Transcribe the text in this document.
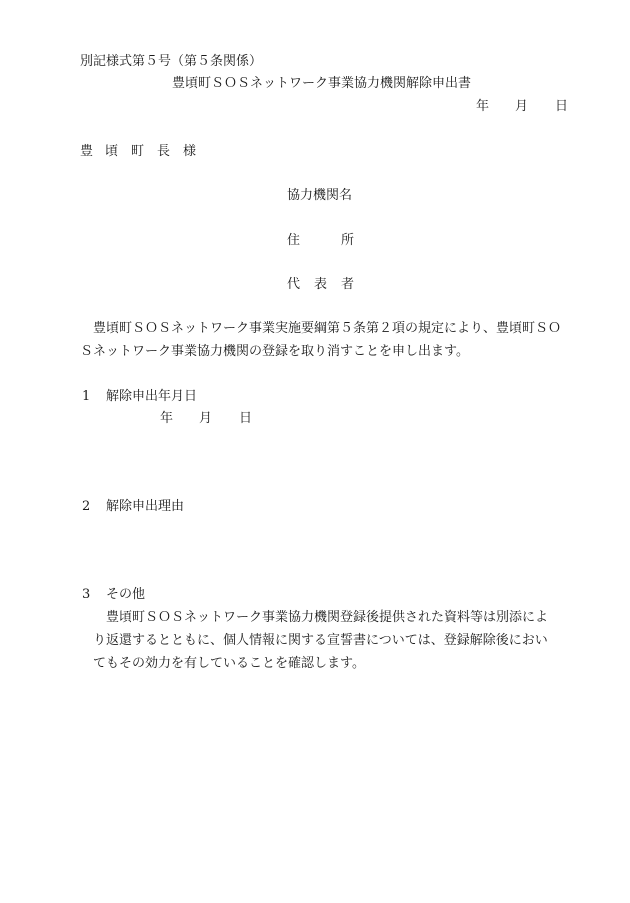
別記様式第５号（第５条関係）
豊頃町ＳＯＳネットワーク事業協力機関解除申出書
年 月 日
豊 頃 町 長 様
協力機関名
住	所
代 表 者
豊頃町ＳＯＳネットワーク事業実施要綱第５条第２項の規定により、豊頃町ＳＯ
Ｓネットワーク事業協力機関の登録を取り消すことを申し出ます。
1 解除申出年月日
年 月 日
2 解除申出理由
3 その他
豊頃町ＳＯＳネットワーク事業協力機関登録後提供された資料等は別添によ
り返還するとともに、個人情報に関する宣誓書については、登録解除後におい
てもその効力を有していることを確認します。
